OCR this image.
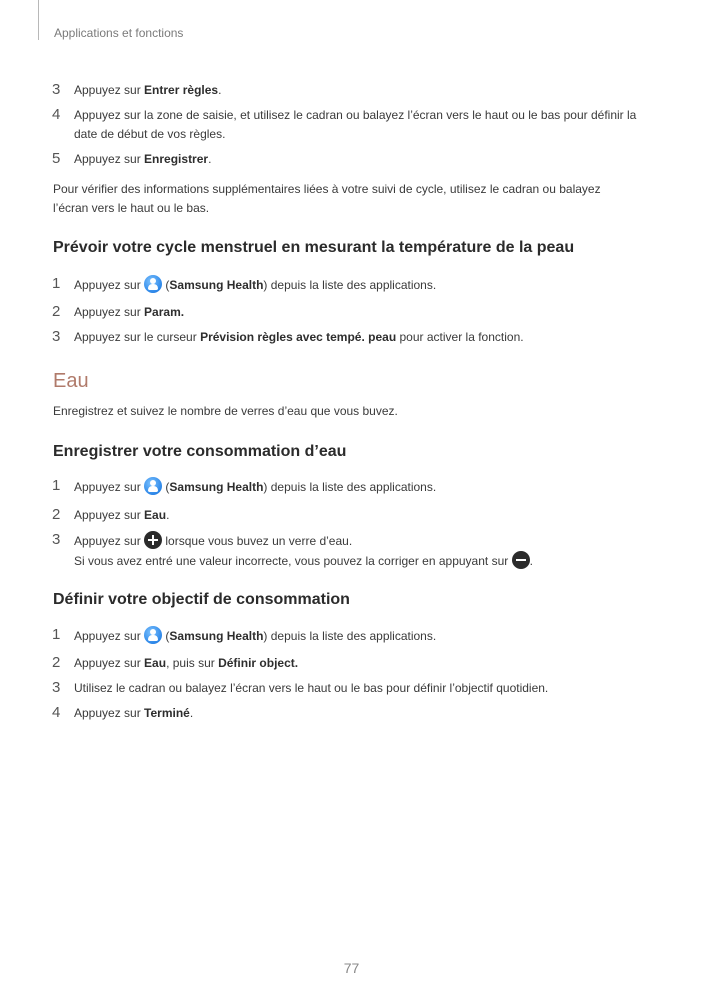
Applications et fonctions
3	Appuyez sur Entrer règles.
4	Appuyez sur la zone de saisie, et utilisez le cadran ou balayez l’écran vers le haut ou le bas pour définir la
date de début de vos règles.
5	Appuyez sur Enregistrer.
Pour vérifier des informations supplémentaires liées à votre suivi de cycle, utilisez le cadran ou balayez
l’écran vers le haut ou le bas.
Prévoir votre cycle menstruel en mesurant la température de la peau
1	Appuyez sur  (Samsung Health) depuis la liste des applications.
2	Appuyez sur Param.
3	Appuyez sur le curseur Prévision règles avec tempé. peau pour activer la fonction.
Eau
Enregistrez et suivez le nombre de verres d’eau que vous buvez.
Enregistrer votre consommation d’eau
1	Appuyez sur  (Samsung Health) depuis la liste des applications.
2	Appuyez sur Eau.
3	Appuyez sur  lorsque vous buvez un verre d’eau.
Si vous avez entré une valeur incorrecte, vous pouvez la corriger en appuyant sur .
Définir votre objectif de consommation
1	Appuyez sur  (Samsung Health) depuis la liste des applications.
2	Appuyez sur Eau, puis sur Définir object.
3	Utilisez le cadran ou balayez l’écran vers le haut ou le bas pour définir l’objectif quotidien.
4	Appuyez sur Terminé.
77
